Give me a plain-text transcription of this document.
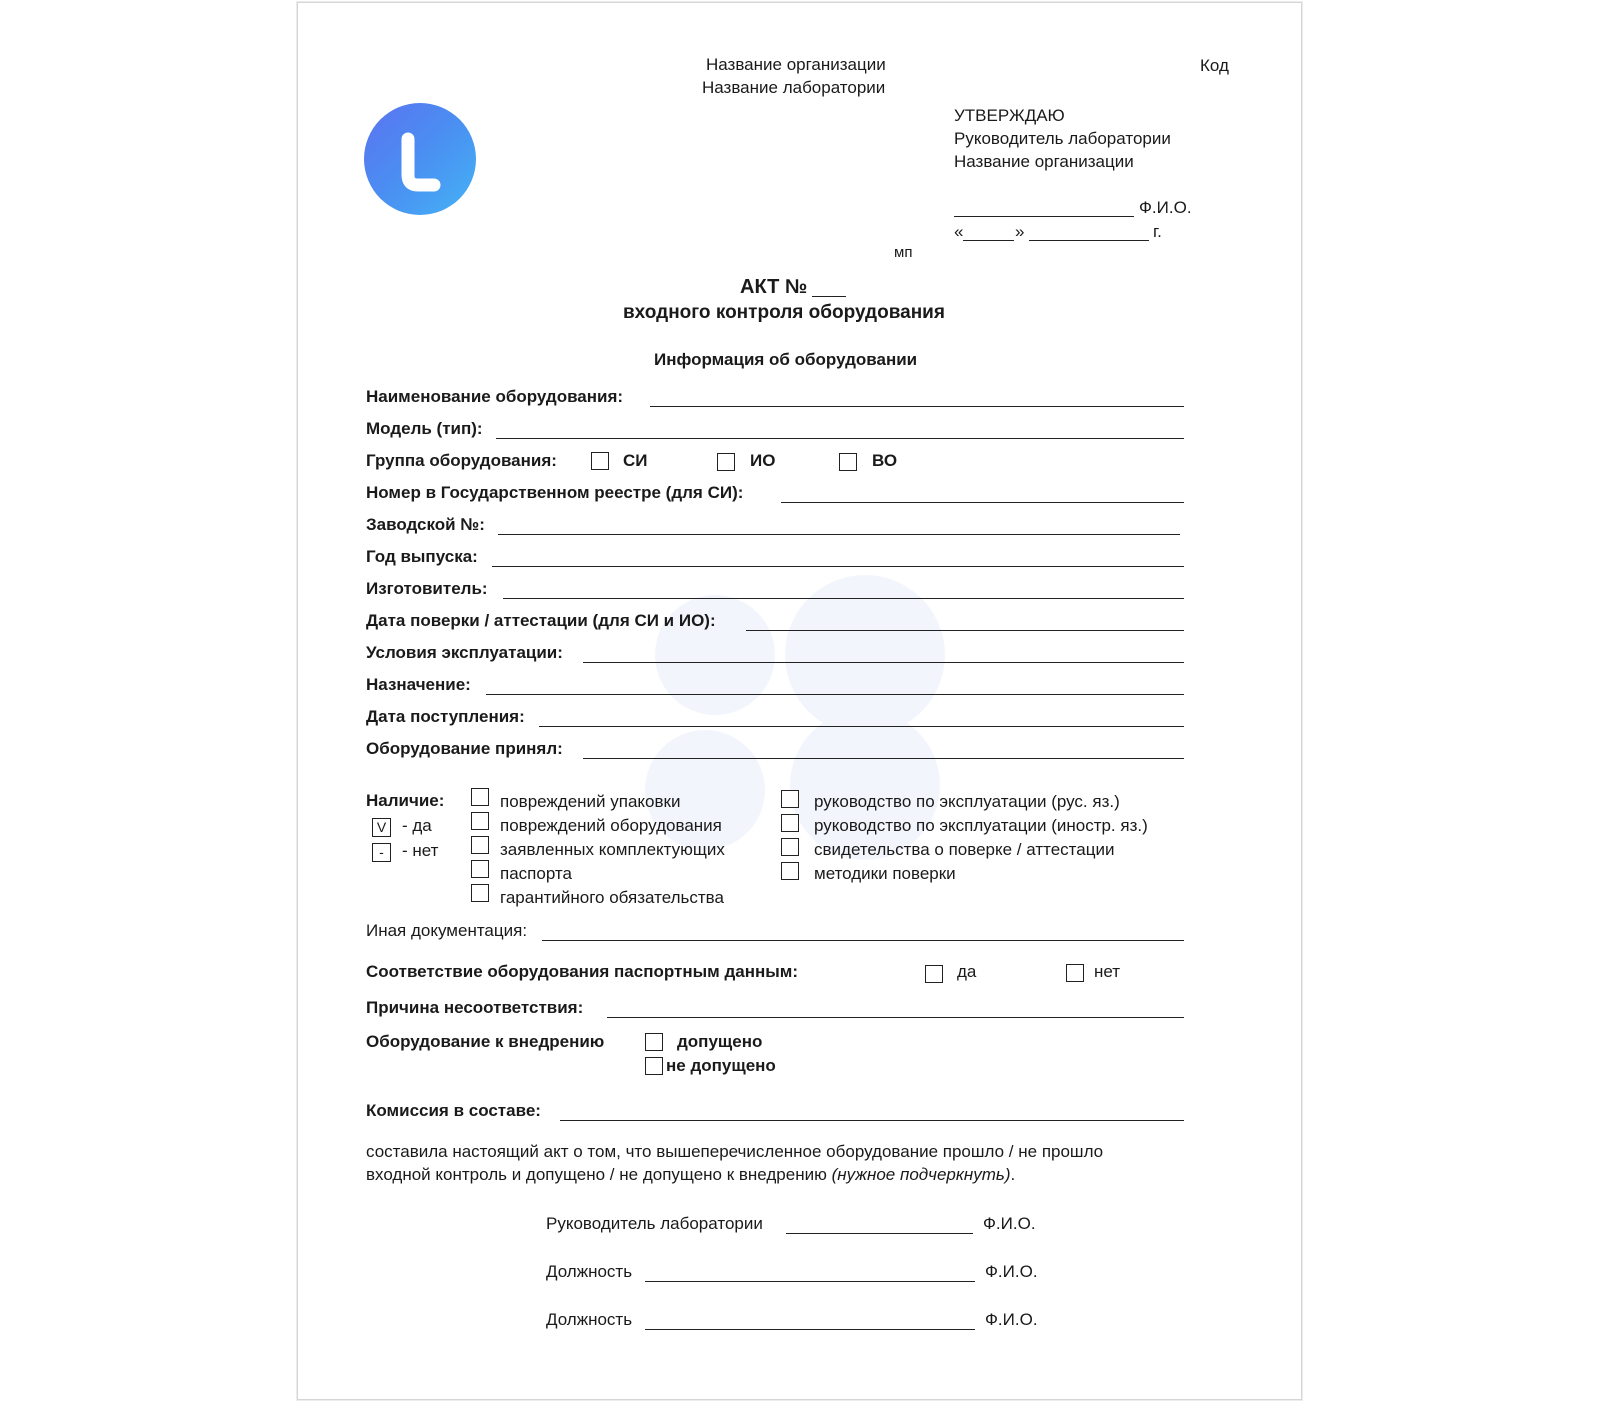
Название организации
Название лаборатории
Код
УТВЕРЖДАЮ
Руководитель лаборатории
Название организации
Ф.И.О.
«	»	г.
мп
АКТ №
входного контроля оборудования
Информация об оборудовании
Наименование оборудования:
Модель (тип):
Группа оборудования:	СИ	ИО	ВО
Номер в Государственном реестре (для СИ):
Заводской №:
Год выпуска:
Изготовитель:
Дата поверки / аттестации (для СИ и ИО):
Условия эксплуатации:
Назначение:
Дата поступления:
Оборудование принял:
Наличие:
V - да
-	- нет
повреждений упаковки
повреждений оборудования
заявленных комплектующих
паспорта
гарантийного обязательства
руководство по эксплуатации (рус. яз.)
руководство по эксплуатации (иностр. яз.)
свидетельства о поверке / аттестации
методики поверки
Иная документация:
Соответствие оборудования паспортным данным:	да	нет
Причина несоответствия:
Оборудование к внедрению	допущено
не допущено
Комиссия в составе:
составила настоящий акт о том, что вышеперечисленное оборудование прошло / не прошло
входной контроль и допущено / не допущено к внедрению (нужное подчеркнуть).
Руководитель лаборатории	Ф.И.О.
Должность	Ф.И.О.
Должность	Ф.И.О.
